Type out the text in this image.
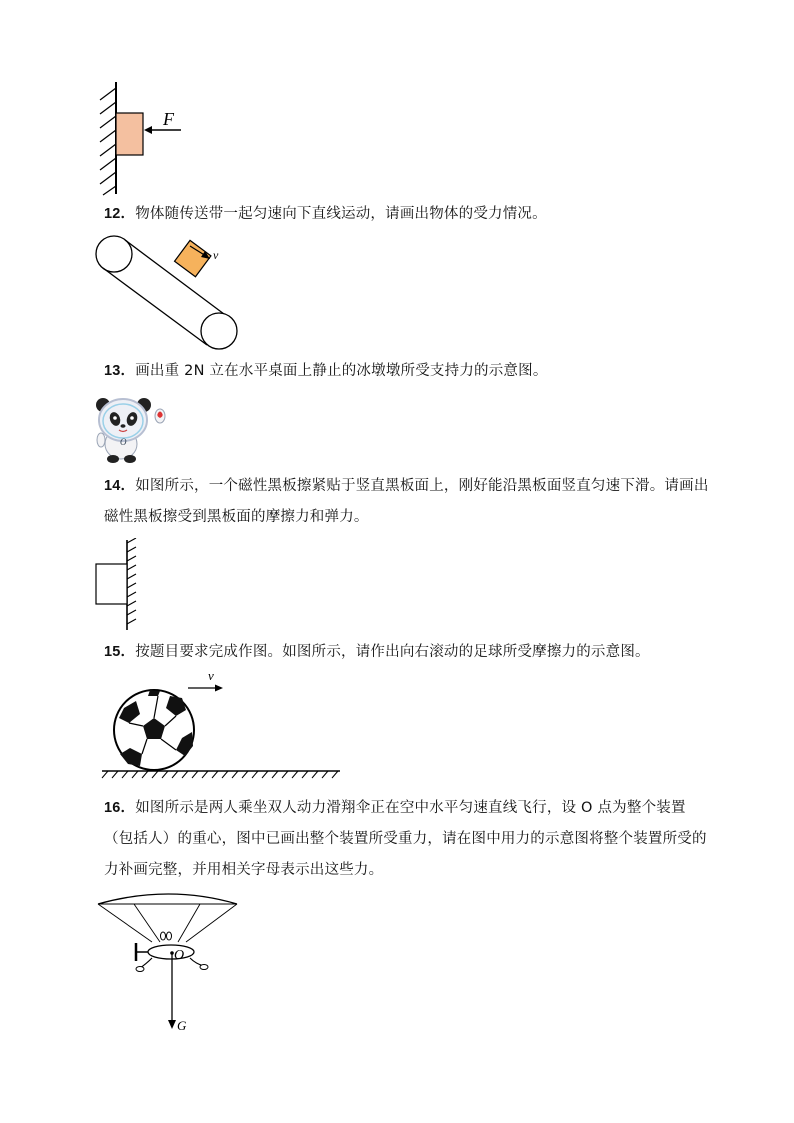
F
12．物体随传送带一起匀速向下直线运动，请画出物体的受力情况。
v
13．画出重 2N 立在水平桌面上静止的冰墩墩所受支持力的示意图。
O
14．如图所示，一个磁性黑板擦紧贴于竖直黑板面上，刚好能沿黑板面竖直匀速下滑。请画出磁性黑板擦受到黑板面的摩擦力和弹力。
15．按题目要求完成作图。如图所示，请作出向右滚动的足球所受摩擦力的示意图。
v
16．如图所示是两人乘坐双人动力滑翔伞正在空中水平匀速直线飞行，设 O 点为整个装置（包括人）的重心，图中已画出整个装置所受重力，请在图中用力的示意图将整个装置所受的力补画完整，并用相关字母表示出这些力。
O
G
